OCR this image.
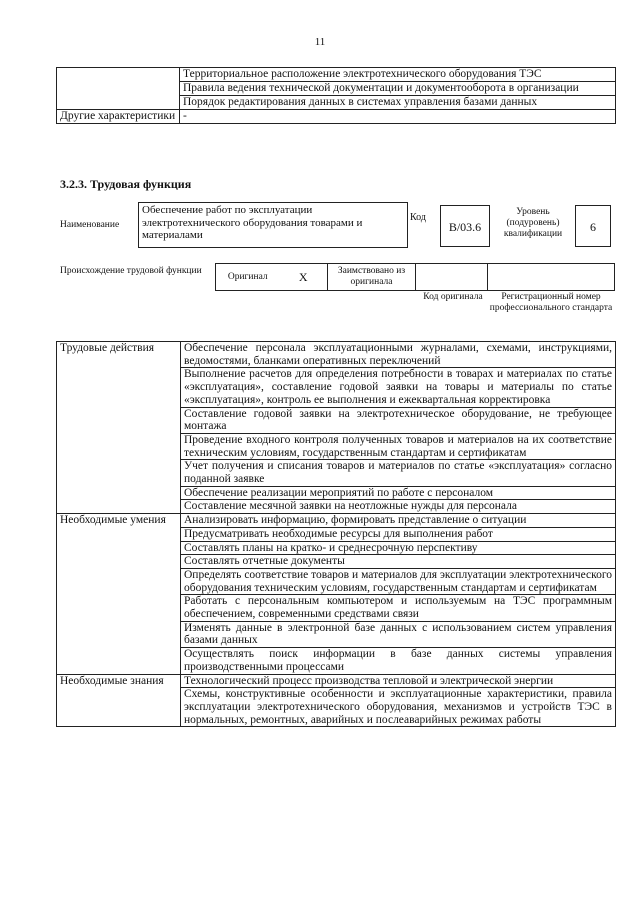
11
	Территориальное расположение электротехнического оборудования ТЭС
	Правила ведения технической документации и документооборота в организации
	Порядок редактирования данных в системах управления базами данных
Другие характеристики	-
3.2.3. Трудовая функция
Наименование
Обеспечение работ по эксплуатации электротехнического оборудования товарами и материалами
Код
B/03.6
Уровень (подуровень) квалификации	6
Происхождение трудовой функции
Оригинал	X	Заимствовано из оригинала		
Код оригинала	Регистрационный номер профессионального стандарта
Трудовые действия	Обеспечение персонала эксплуатационными журналами, схемами, инструкциями, ведомостями, бланками оперативных переключений
	Выполнение расчетов для определения потребности в товарах и материалах по статье «эксплуатация», составление годовой заявки на товары и материалы по статье «эксплуатация», контроль ее выполнения и ежеквартальная корректировка
	Составление годовой заявки на электротехническое оборудование, не требующее монтажа
	Проведение входного контроля полученных товаров и материалов на их соответствие техническим условиям, государственным стандартам и сертификатам
	Учет получения и списания товаров и материалов по статье «эксплуатация» согласно поданной заявке
	Обеспечение реализации мероприятий по работе с персоналом
	Составление месячной заявки на неотложные нужды для персонала
Необходимые умения	Анализировать информацию, формировать представление о ситуации
	Предусматривать необходимые ресурсы для выполнения работ
	Составлять планы на кратко- и среднесрочную перспективу
	Составлять отчетные документы
	Определять соответствие товаров и материалов для эксплуатации электротехнического оборудования техническим условиям, государственным стандартам и сертификатам
	Работать с персональным компьютером и используемым на ТЭС программным обеспечением, современными средствами связи
	Изменять данные в электронной базе данных с использованием систем управления базами данных
	Осуществлять поиск информации в базе данных системы управления производственными процессами
Необходимые знания	Технологический процесс производства тепловой и электрической энергии
	Схемы, конструктивные особенности и эксплуатационные характеристики, правила эксплуатации электротехнического оборудования, механизмов и устройств ТЭС в нормальных, ремонтных, аварийных и послеаварийных режимах работы
